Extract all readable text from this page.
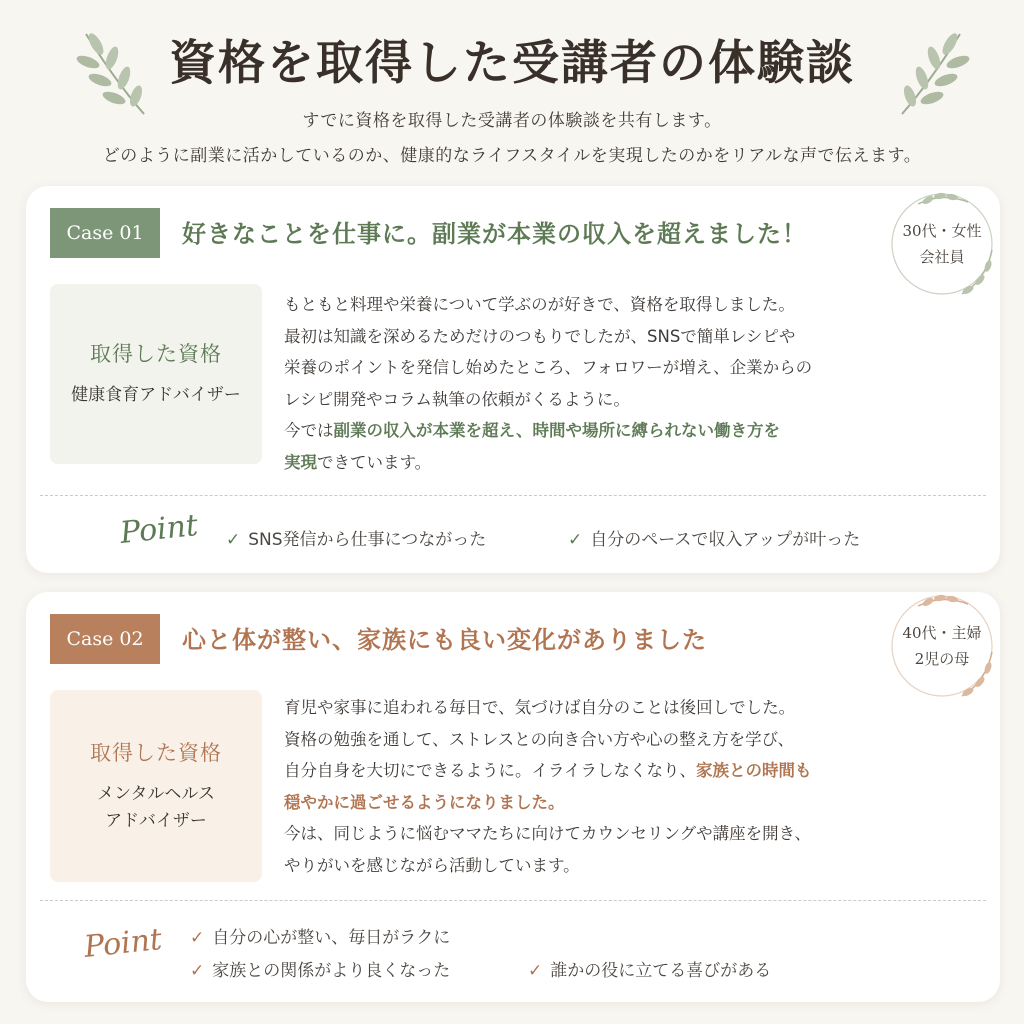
資格を取得した受講者の体験談
すでに資格を取得した受講者の体験談を共有します。
どのように副業に活かしているのか、健康的なライフスタイルを実現したのかをリアルな声で伝えます。
Case 01	好きなことを仕事に。副業が本業の収入を超えました！	30代・女性
会社員
取得した資格
健康食育アドバイザー

もともと料理や栄養について学ぶのが好きで、資格を取得しました。

最初は知識を深めるためだけのつもりでしたが、SNSで簡単レシピや

栄養のポイントを発信し始めたところ、フォロワーが増え、企業からの

レシピ開発やコラム執筆の依頼がくるように。

今では副業の収入が本業を超え、時間や場所に縛られない働き方を

実現できています。

Point ✓ SNS発信から仕事につながった	✓ 自分のペースで収入アップが叶った
Case 02	心と体が整い、家族にも良い変化がありました	40代・主婦
2児の母
取得した資格
メンタルヘルス
アドバイザー

育児や家事に追われる毎日で、気づけば自分のことは後回しでした。

資格の勉強を通して、ストレスとの向き合い方や心の整え方を学び、

自分自身を大切にできるように。イライラしなくなり、家族との時間も

穏やかに過ごせるようになりました。

今は、同じように悩むママたちに向けてカウンセリングや講座を開き、

やりがいを感じながら活動しています。

Point ✓ 自分の心が整い、毎日がラクに
✓ 家族との関係がより良くなった	✓ 誰かの役に立てる喜びがある
